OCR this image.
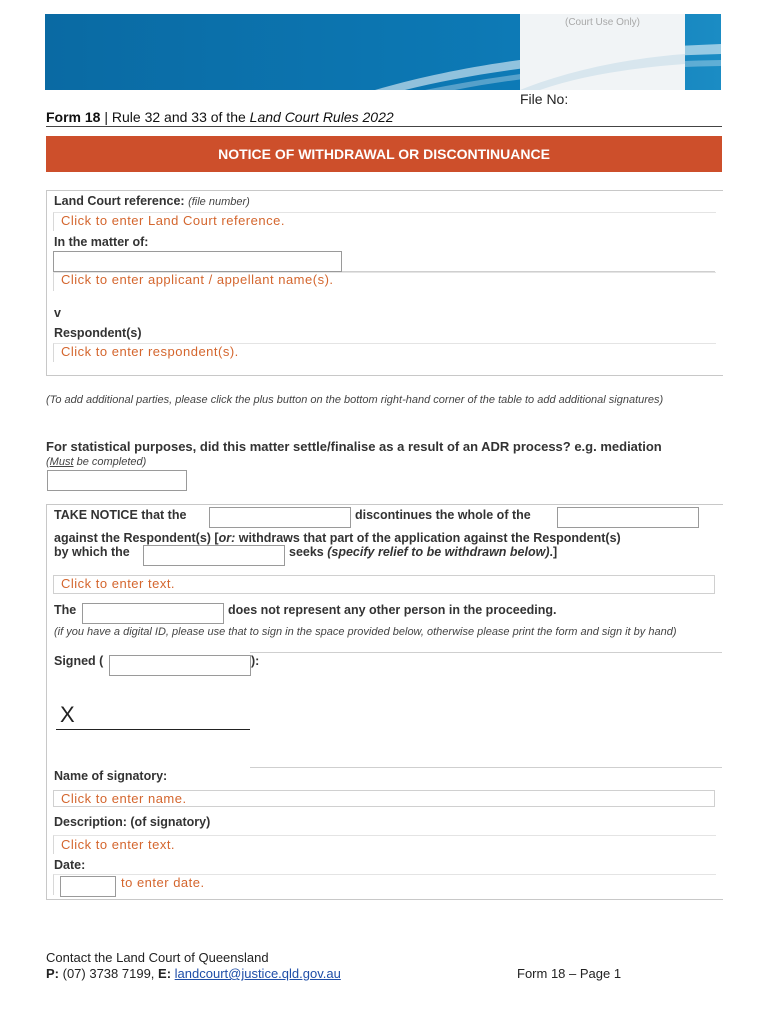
(Court Use Only)
File No:
Form 18 | Rule 32 and 33 of the Land Court Rules 2022
NOTICE OF WITHDRAWAL OR DISCONTINUANCE
Land Court reference: (file number)
Click to enter Land Court reference.
In the matter of:
Click to enter applicant / appellant name(s).
v
Respondent(s)
Click to enter respondent(s).
(To add additional parties, please click the plus button on the bottom right-hand corner of the table to add additional signatures)
For statistical purposes, did this matter settle/finalise as a result of an ADR process? e.g. mediation
(Must be completed)
TAKE NOTICE that the	discontinues the whole of the
against the Respondent(s) [or: withdraws that part of the application against the Respondent(s)
by which the	seeks (specify relief to be withdrawn below).]
Click to enter text.
The	does not represent any other person in the proceeding.
(if you have a digital ID, please use that to sign in the space provided below, otherwise please print the form and sign it by hand)
Signed (	):
X
Name of signatory:
Click to enter name.
Description: (of signatory)
Click to enter text.
Date:
to enter date.
Contact the Land Court of Queensland
P: (07) 3738 7199, E: landcourt@justice.qld.gov.au	Form 18 – Page 1
